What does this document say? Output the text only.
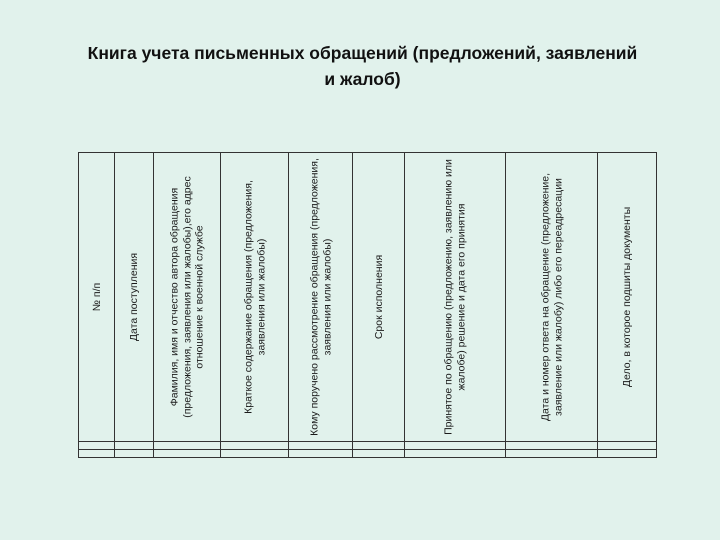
Книга учета письменных обращений (предложений, заявлений
и жалоб)
№ п/п	Дата поступления	Фамилия, имя и отчество автора обращения (предложения, заявления или жалобы),его адрес отношение к военной службе	Краткое содержание обращения (предложения, заявления или жалобы)	Кому поручено рассмотрение обращения (предложения, заявления или жалобы)	Срок исполнения	Принятое по обращению (предложению, заявлению или жалобе) решение и дата его принятия	Дата и номер ответа на обращение (предложение, заявление или жалобу) либо его переадресации	Дело, в которое подшиты документы
